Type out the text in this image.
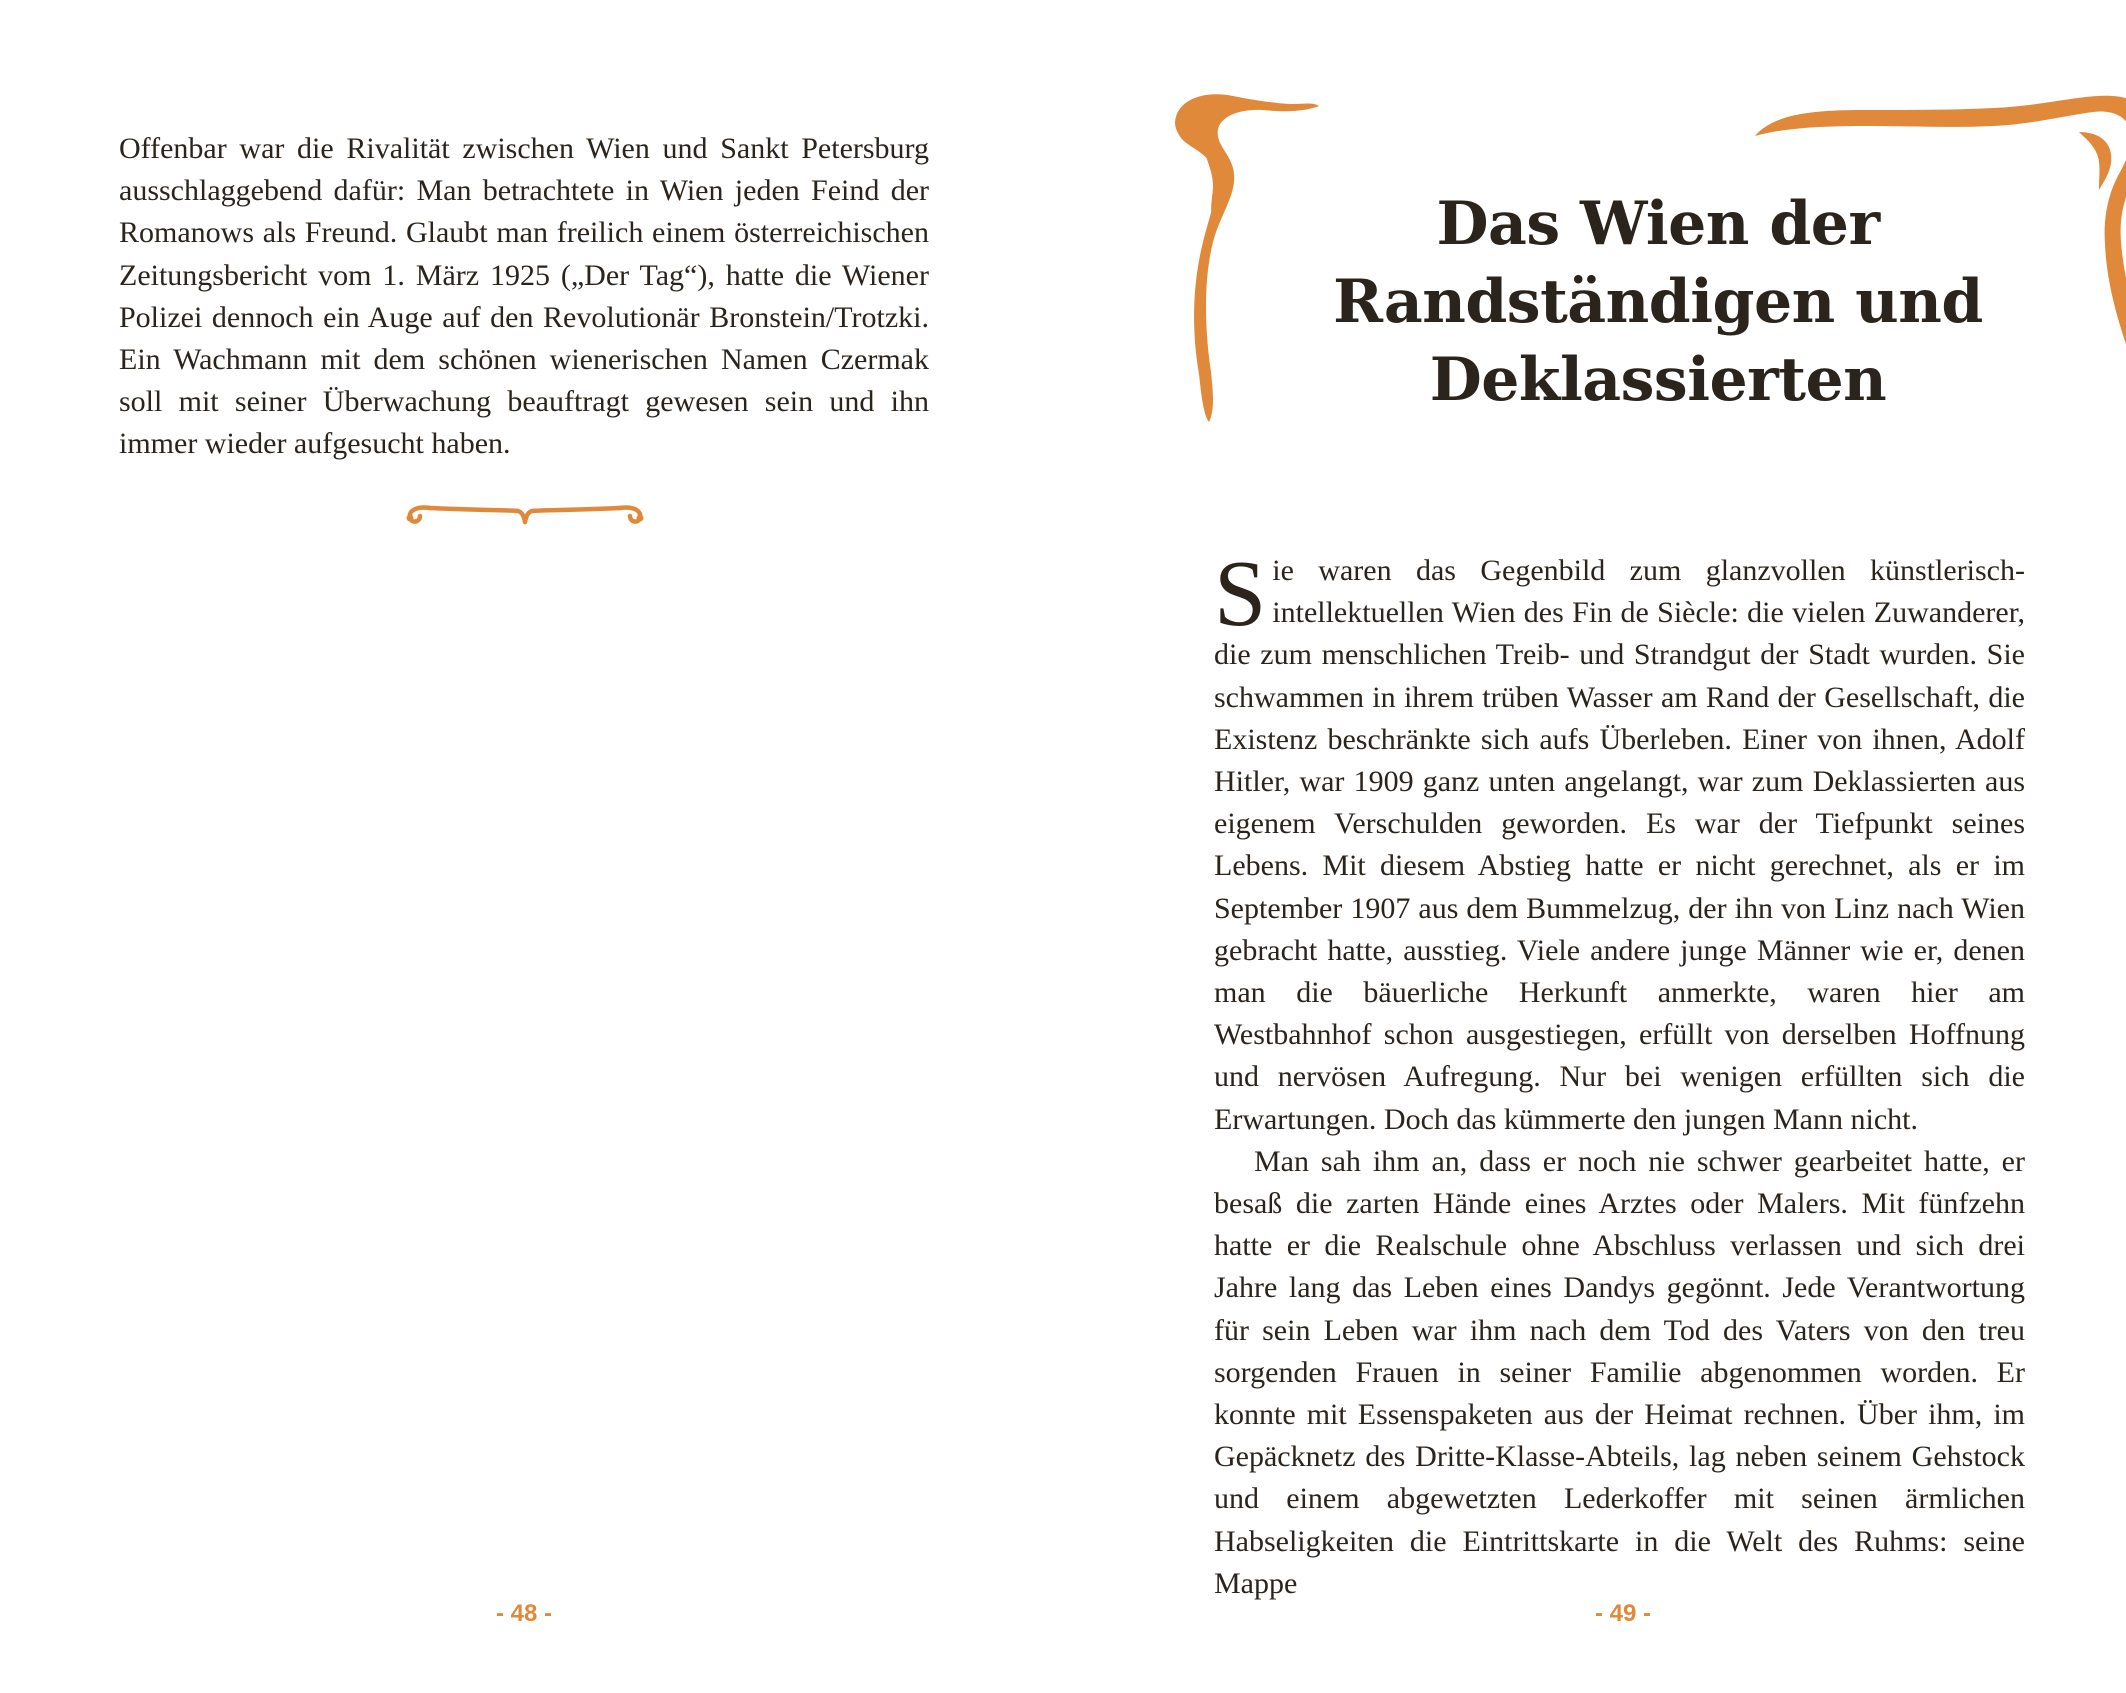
Offenbar war die Rivalität zwischen Wien und Sankt Petersburg ausschlaggebend dafür: Man betrachtete in Wien jeden Feind der Romanows als Freund. Glaubt man freilich einem österreichischen Zeitungsbericht vom 1. März 1925 („Der Tag“), hatte die Wiener Polizei dennoch ein Auge auf den Revolutionär Bronstein/Trotzki. Ein Wachmann mit dem schönen wienerischen Namen Czermak soll mit seiner Überwachung beauftragt gewesen sein und ihn immer wieder aufgesucht haben.

- 48 -
Das Wien der
Randständigen und
Deklassierten

Sie waren das Gegenbild zum glanzvollen künstlerisch-intellektuellen Wien des Fin de Siècle: die vielen Zuwanderer, die zum menschlichen Treib- und Strandgut der Stadt wurden. Sie schwammen in ihrem trüben Wasser am Rand der Gesellschaft, die Existenz beschränkte sich aufs Überleben. Einer von ihnen, Adolf Hitler, war 1909 ganz unten angelangt, war zum Deklassierten aus eigenem Verschulden geworden. Es war der Tiefpunkt seines Lebens. Mit diesem Abstieg hatte er nicht gerechnet, als er im September 1907 aus dem Bummelzug, der ihn von Linz nach Wien gebracht hatte, ausstieg. Viele andere junge Männer wie er, denen man die bäuerliche Herkunft anmerkte, waren hier am Westbahnhof schon ausgestiegen, erfüllt von derselben Hoffnung und nervösen Aufregung. Nur bei wenigen erfüllten sich die Erwartungen. Doch das kümmerte den jungen Mann nicht.

Man sah ihm an, dass er noch nie schwer gearbeitet hatte, er besaß die zarten Hände eines Arztes oder Malers. Mit fünfzehn hatte er die Realschule ohne Abschluss verlassen und sich drei Jahre lang das Leben eines Dandys gegönnt. Jede Verantwortung für sein Leben war ihm nach dem Tod des Vaters von den treu sorgenden Frauen in seiner Familie abgenommen worden. Er konnte mit Essenspaketen aus der Heimat rechnen. Über ihm, im Gepäcknetz des Dritte-Klasse-Abteils, lag neben seinem Gehstock und einem abgewetzten Lederkoffer mit seinen ärmlichen Habseligkeiten die Eintrittskarte in die Welt des Ruhms: seine Mappe

- 49 -
